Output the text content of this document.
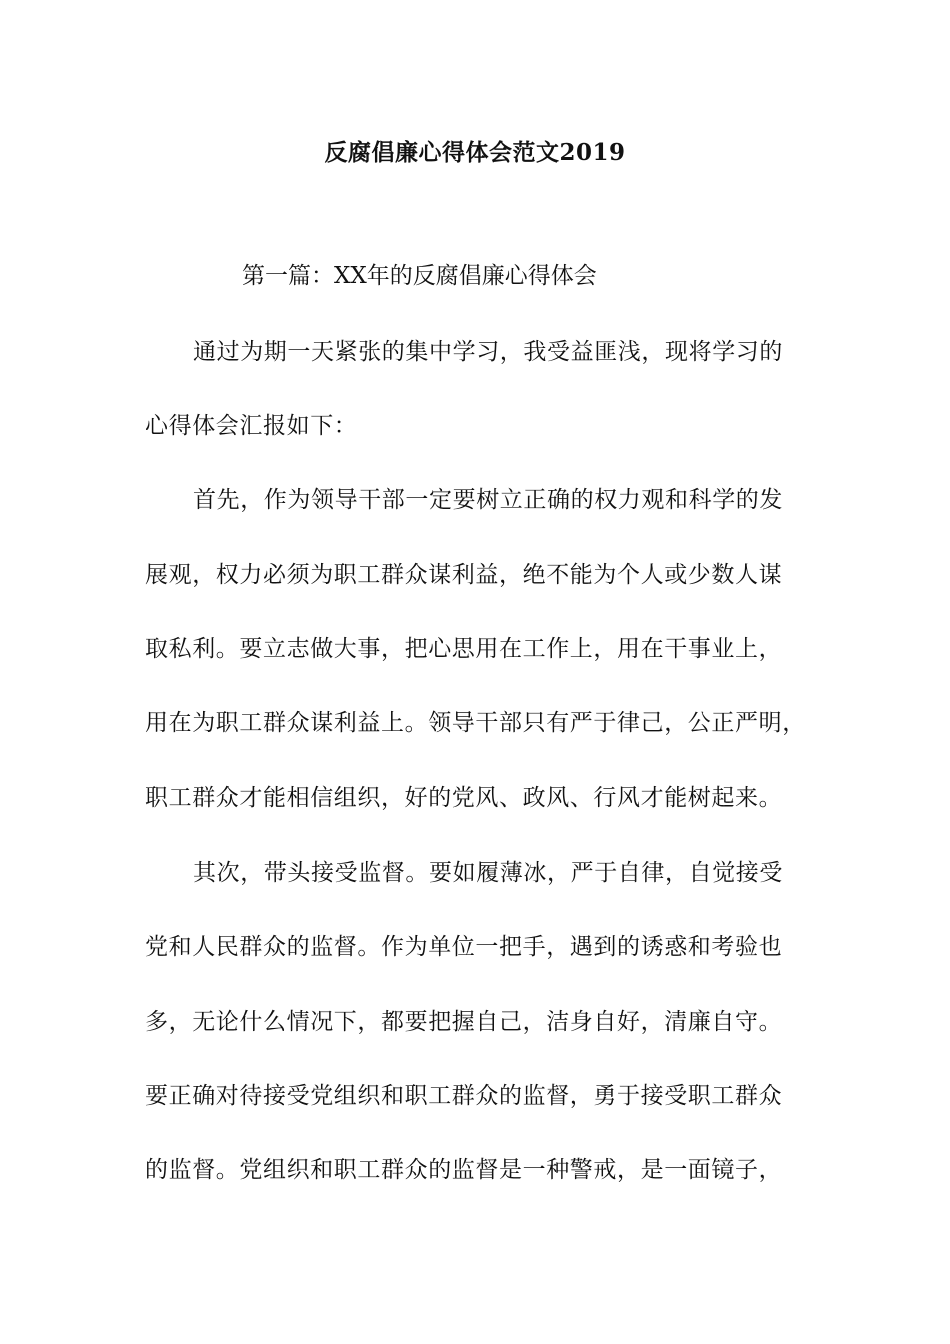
反腐倡廉心得体会范文2019
第一篇：XX年的反腐倡廉心得体会
通过为期一天紧张的集中学习，我受益匪浅，现将学习的
心得体会汇报如下：
首先，作为领导干部一定要树立正确的权力观和科学的发
展观，权力必须为职工群众谋利益，绝不能为个人或少数人谋
取私利。要立志做大事，把心思用在工作上，用在干事业上，
用在为职工群众谋利益上。领导干部只有严于律己，公正严明，
职工群众才能相信组织，好的党风、政风、行风才能树起来。
其次，带头接受监督。要如履薄冰，严于自律，自觉接受
党和人民群众的监督。作为单位一把手，遇到的诱惑和考验也
多，无论什么情况下，都要把握自己，洁身自好，清廉自守。
要正确对待接受党组织和职工群众的监督，勇于接受职工群众
的监督。党组织和职工群众的监督是一种警戒，是一面镜子，
